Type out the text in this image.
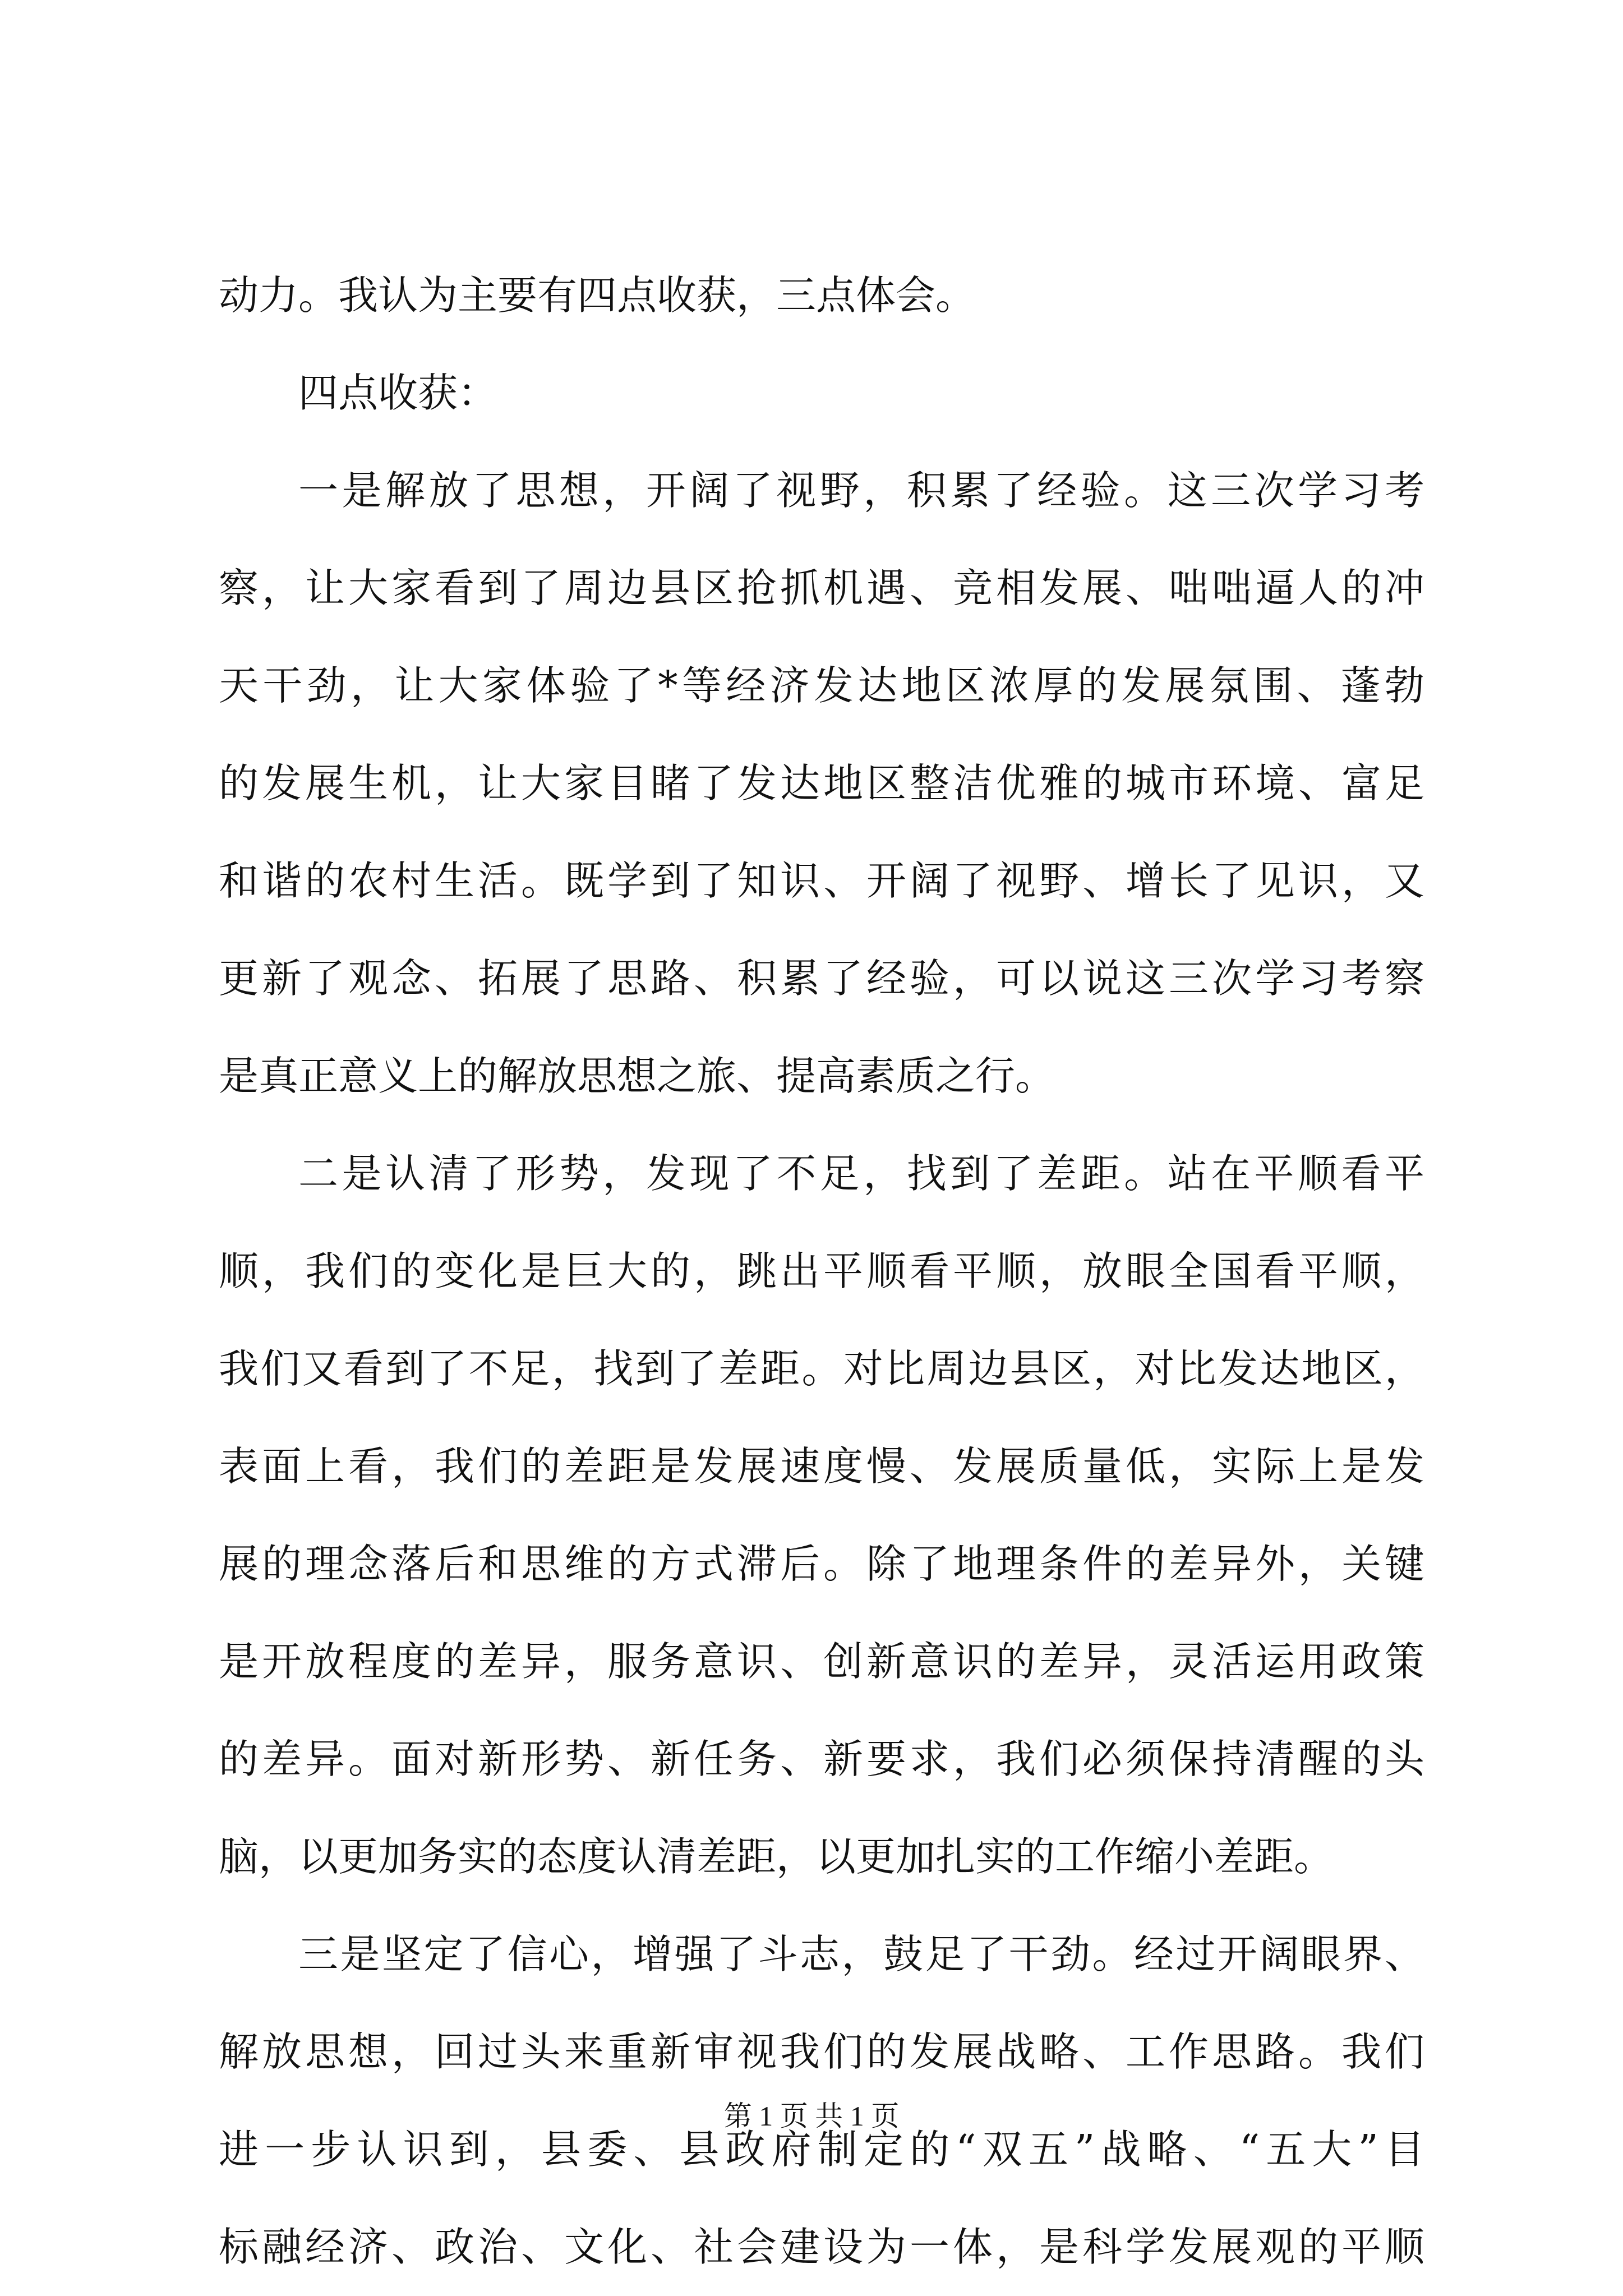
动力。我认为主要有四点收获，三点体会。
四点收获：
一是解放了思想，开阔了视野，积累了经验。这三次学习考
察，让大家看到了周边县区抢抓机遇、竞相发展、咄咄逼人的冲
天干劲，让大家体验了*等经济发达地区浓厚的发展氛围、蓬勃
的发展生机，让大家目睹了发达地区整洁优雅的城市环境、富足
和谐的农村生活。既学到了知识、开阔了视野、增长了见识，又
更新了观念、拓展了思路、积累了经验，可以说这三次学习考察
是真正意义上的解放思想之旅、提高素质之行。
二是认清了形势，发现了不足，找到了差距。站在平顺看平
顺，我们的变化是巨大的，跳出平顺看平顺，放眼全国看平顺，
我们又看到了不足，找到了差距。对比周边县区，对比发达地区，
表面上看，我们的差距是发展速度慢、发展质量低，实际上是发
展的理念落后和思维的方式滞后。除了地理条件的差异外，关键
是开放程度的差异，服务意识、创新意识的差异，灵活运用政策
的差异。面对新形势、新任务、新要求，我们必须保持清醒的头
脑，以更加务实的态度认清差距，以更加扎实的工作缩小差距。
三是坚定了信心，增强了斗志，鼓足了干劲。经过开阔眼界、
解放思想，回过头来重新审视我们的发展战略、工作思路。我们
进一步认识到，县委、县政府制定的“双五”战略、“五大”目
标融经济、政治、文化、社会建设为一体，是科学发展观的平顺
第 1 页 共 1 页
